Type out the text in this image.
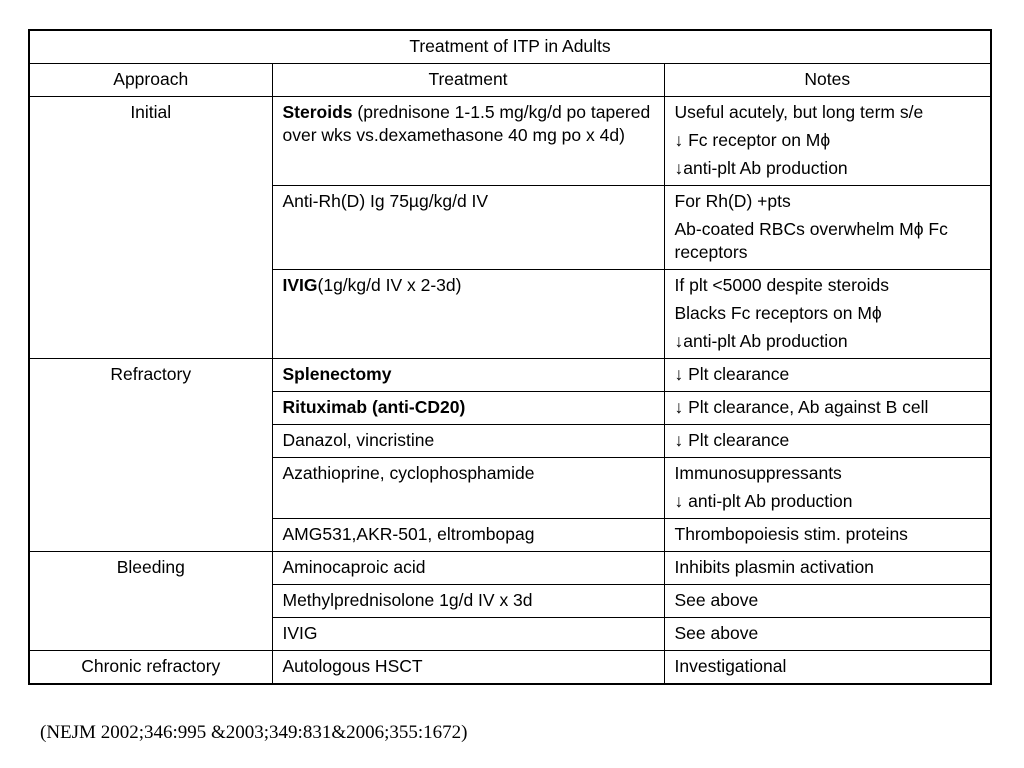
Treatment of ITP in Adults		
Approach	Treatment	Notes
Initial	Steroids (prednisone 1-1.5 mg/kg/d po tapered over wks vs.dexamethasone 40 mg po x 4d)	Useful acutely, but long term s/e
↓ Fc receptor on Mϕ
↓anti-plt Ab production

	Anti-Rh(D) Ig 75µg/kg/d IV	For Rh(D) +pts
Ab-coated RBCs overwhelm Mϕ Fc receptors

	IVIG(1g/kg/d IV x 2-3d)	If plt <5000 despite steroids
Blacks Fc receptors on Mϕ
↓anti-plt Ab production

Refractory	Splenectomy	↓ Plt clearance

	Rituximab (anti-CD20)	↓ Plt clearance, Ab against B cell

	Danazol, vincristine	↓ Plt clearance

	Azathioprine, cyclophosphamide	Immunosuppressants
↓ anti-plt Ab production

	AMG531,AKR-501, eltrombopag	Thrombopoiesis stim. proteins

Bleeding	Aminocaproic acid	Inhibits plasmin activation

	Methylprednisolone 1g/d IV x 3d	See above

	IVIG	See above

Chronic refractory	Autologous HSCT	Investigational
(NEJM 2002;346:995 &2003;349:831&2006;355:1672)
